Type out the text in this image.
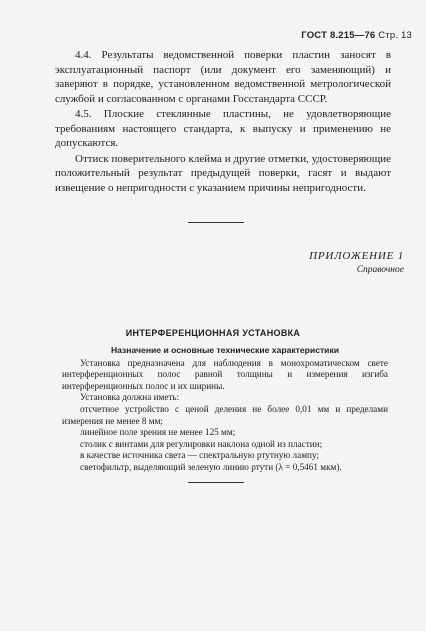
ГОСТ 8.215—76 Стр. 13

4.4. Результаты ведомственной поверки пластин заносят в эксплуатационный паспорт (или документ его заменяющий) и заверяют в порядке, установленном ведомственной метрологической службой и согласованном с органами Госстандарта СССР.

4.5. Плоские стеклянные пластины, не удовлетворяющие требованиям настоящего стандарта, к выпуску и применению не допускаются.

Оттиск поверительного клейма и другие отметки, удостоверяющие положительный результат предыдущей поверки, гасят и выдают извещение о непригодности с указанием причины непригодности.

ПРИЛОЖЕНИЕ 1
Справочное
ИНТЕРФЕРЕНЦИОННАЯ УСТАНОВКА
Назначение и основные технические характеристики

Установка предназначена для наблюдения в монохроматическом свете интерференционных полос равной толщины и измерения изгиба интерференционных полос и их ширины.

Установка должна иметь:

отсчетное устройство с ценой деления не более 0,01 мм и пределами измерения не менее 8 мм;

линейное поле зрения не менее 125 мм;

столик с винтами для регулировки наклона одной из пластин;

в качестве источника света — спектральную ртутную лампу;

светофильтр, выделяющий зеленую линию ртути (λ = 0,5461 мкм).
